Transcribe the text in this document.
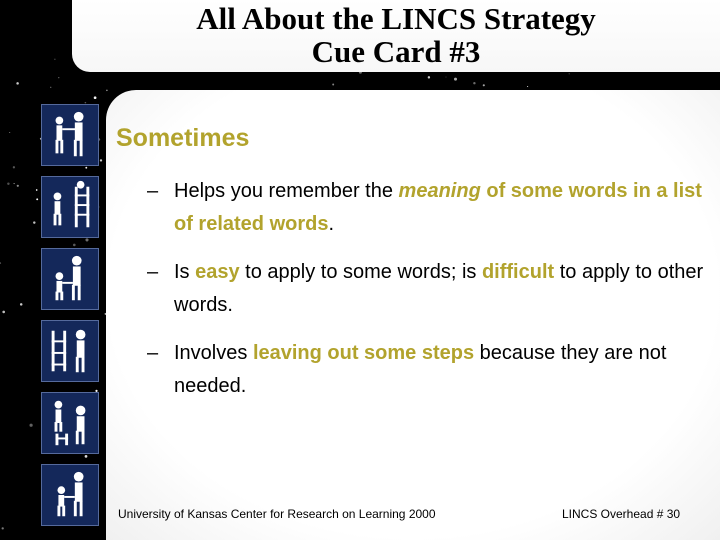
All About the LINCS Strategy
Cue Card #3
Sometimes
– Helps you remember the meaning of some words in a list of related words.
– Is easy to apply to some words; is difficult to apply to other words.
– Involves leaving out some steps because they are not needed.
University of Kansas Center for Research on Learning 2000	LINCS Overhead # 30
